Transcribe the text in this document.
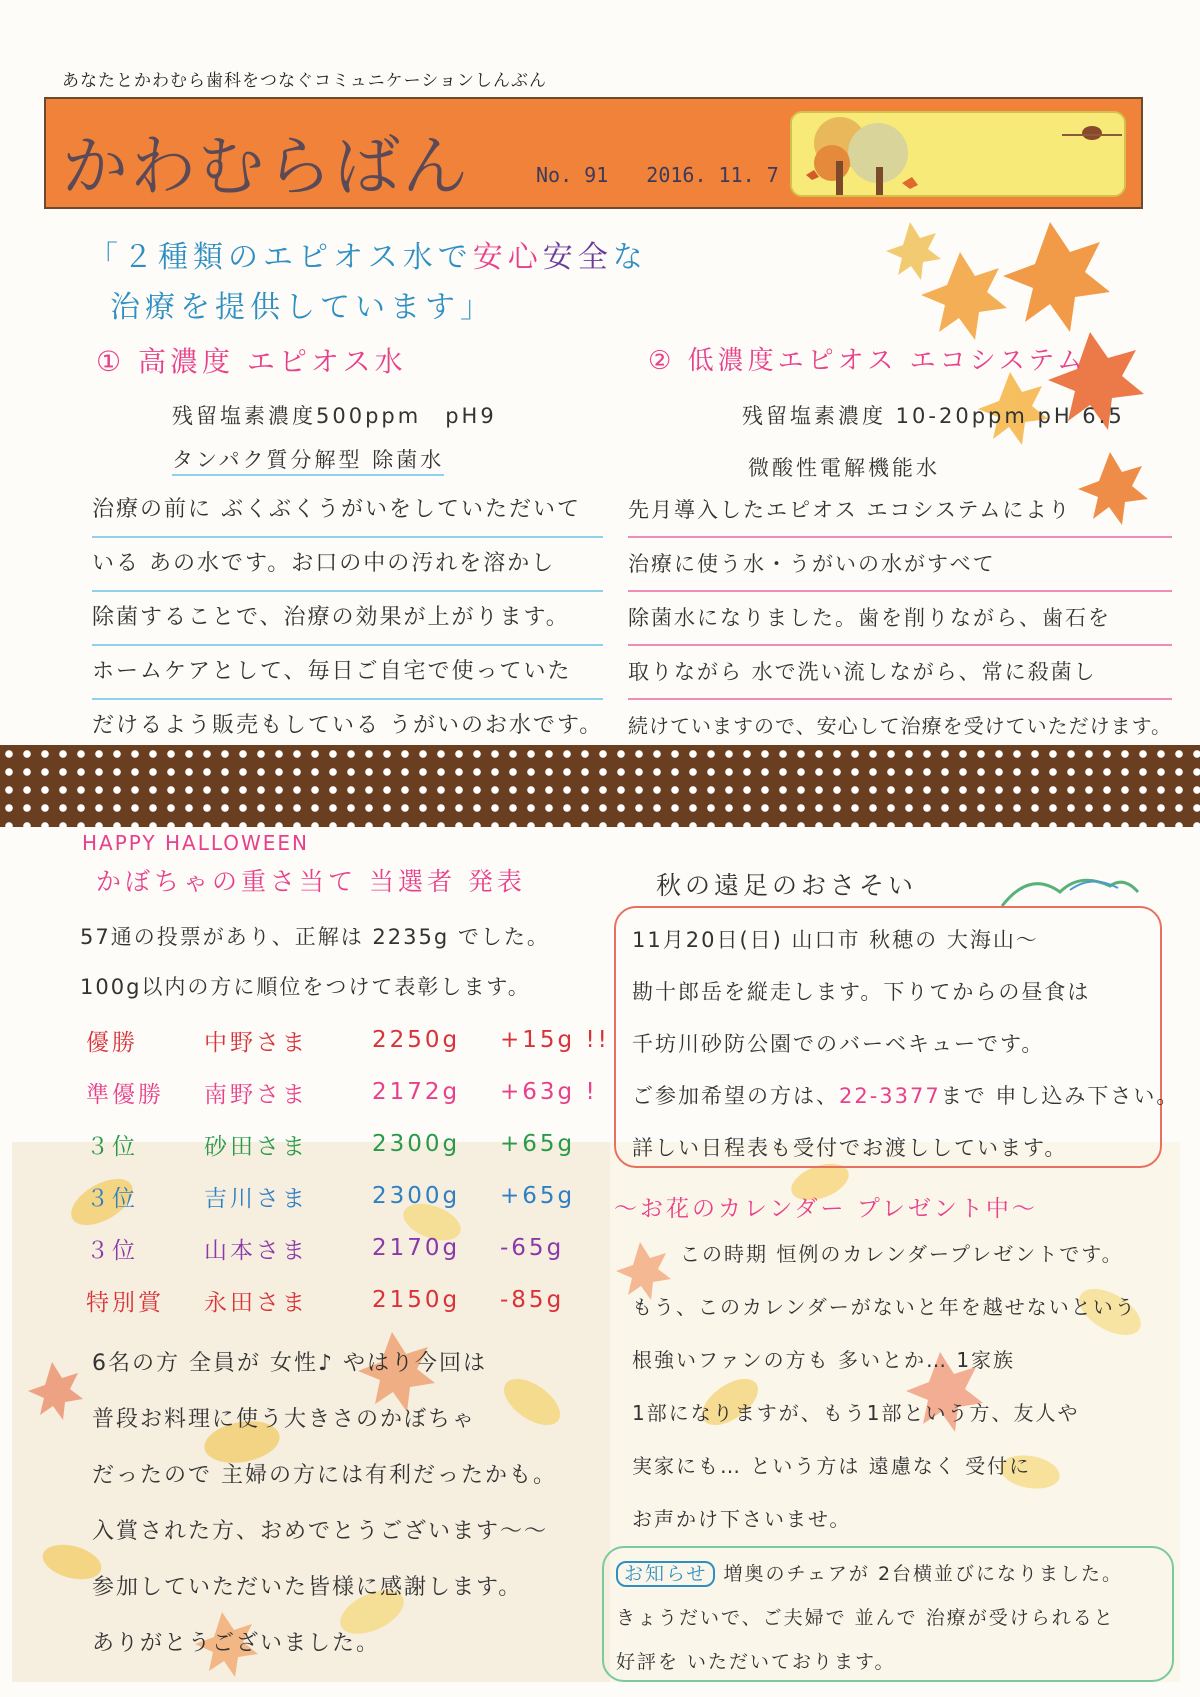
あなたとかわむら歯科をつなぐコミュニケーションしんぶん
かわむらばん	No. 91 2016. 11. 7
「２種類のエピオス水で安心安全な
治療を提供しています」
① 高濃度 エピオス水
残留塩素濃度500ppm　pH9
タンパク質分解型 除菌水
治療の前に ぶくぶくうがいをしていただいて
いる あの水です。お口の中の汚れを溶かし
除菌することで、治療の効果が上がります。
ホームケアとして、毎日ご自宅で使っていた
だけるよう販売もしている うがいのお水です。
② 低濃度エピオス エコシステム
残留塩素濃度 10-20ppm pH 6.5
微酸性電解機能水
先月導入したエピオス エコシステムにより
治療に使う水・うがいの水がすべて
除菌水になりました。歯を削りながら、歯石を
取りながら 水で洗い流しながら、常に殺菌し
続けていますので、安心して治療を受けていただけます。
HAPPY HALLOWEEN
かぼちゃの重さ当て 当選者 発表
57通の投票があり、正解は 2235g でした。
100g以内の方に順位をつけて表彰します。
優勝	中野さま	2250g	+15g !!
準優勝	南野さま	2172g	+63g !
３位	砂田さま	2300g	+65g
３位	吉川さま	2300g	+65g
３位	山本さま	2170g	-65g
特別賞	永田さま	2150g	-85g
6名の方 全員が 女性♪ やはり今回は
普段お料理に使う大きさのかぼちゃ
だったので 主婦の方には有利だったかも。
入賞された方、おめでとうございます〜〜
参加していただいた皆様に感謝します。
ありがとうございました。
秋の遠足のおさそい
11月20日(日) 山口市 秋穂の 大海山〜
勘十郎岳を縦走します。下りてからの昼食は
千坊川砂防公園でのバーベキューです。
ご参加希望の方は、22-3377まで 申し込み下さい。
詳しい日程表も受付でお渡ししています。
〜お花のカレンダー プレゼント中〜
この時期 恒例のカレンダープレゼントです。
もう、このカレンダーがないと年を越せないという
根強いファンの方も 多いとか… 1家族
1部になりますが、もう1部という方、友人や
実家にも… という方は 遠慮なく 受付に
お声かけ下さいませ。
お知らせ 増奥のチェアが 2台横並びになりました。
きょうだいで、ご夫婦で 並んで 治療が受けられると
好評を いただいております。
